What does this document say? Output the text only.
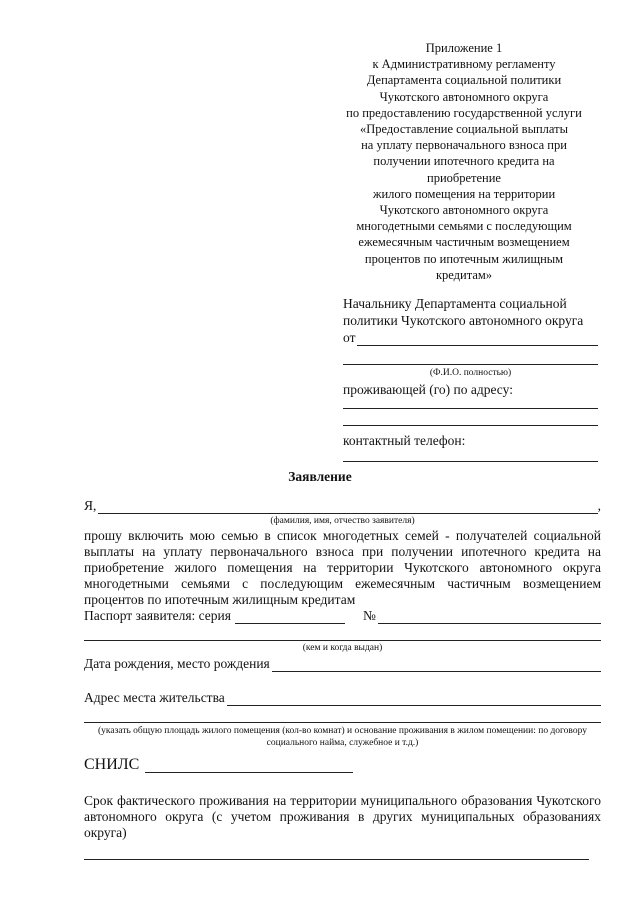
Приложение 1
к Административному регламенту
Департамента социальной политики
Чукотского автономного округа
по предоставлению государственной услуги
«Предоставление социальной выплаты
на уплату первоначального взноса при
получении ипотечного кредита на
приобретение
жилого помещения на территории
Чукотского автономного округа
многодетными семьями с последующим
ежемесячным частичным возмещением
процентов по ипотечным жилищным
кредитам»
Начальнику Департамента социальной
политики Чукотского автономного округа
от
(Ф.И.О. полностью)
проживающей (го) по адресу:
контактный телефон:
Заявление
Я,	,
(фамилия, имя, отчество заявителя)
прошу включить мою семью в список многодетных семей - получателей социальной выплаты на уплату первоначального взноса при получении ипотечного кредита на приобретение жилого помещения на территории Чукотского автономного округа многодетными семьями с последующим ежемесячным частичным возмещением процентов по ипотечным жилищным кредитам
Паспорт заявителя: серия	№
(кем и когда выдан)
Дата рождения, место рождения
Адрес места жительства
(указать общую площадь жилого помещения (кол-во комнат) и основание проживания в жилом помещении: по договору социального найма, служебное и т.д.)
СНИЛС
Срок фактического проживания на территории муниципального образования Чукотского автономного округа (с учетом проживания в других муниципальных образованиях округа)
